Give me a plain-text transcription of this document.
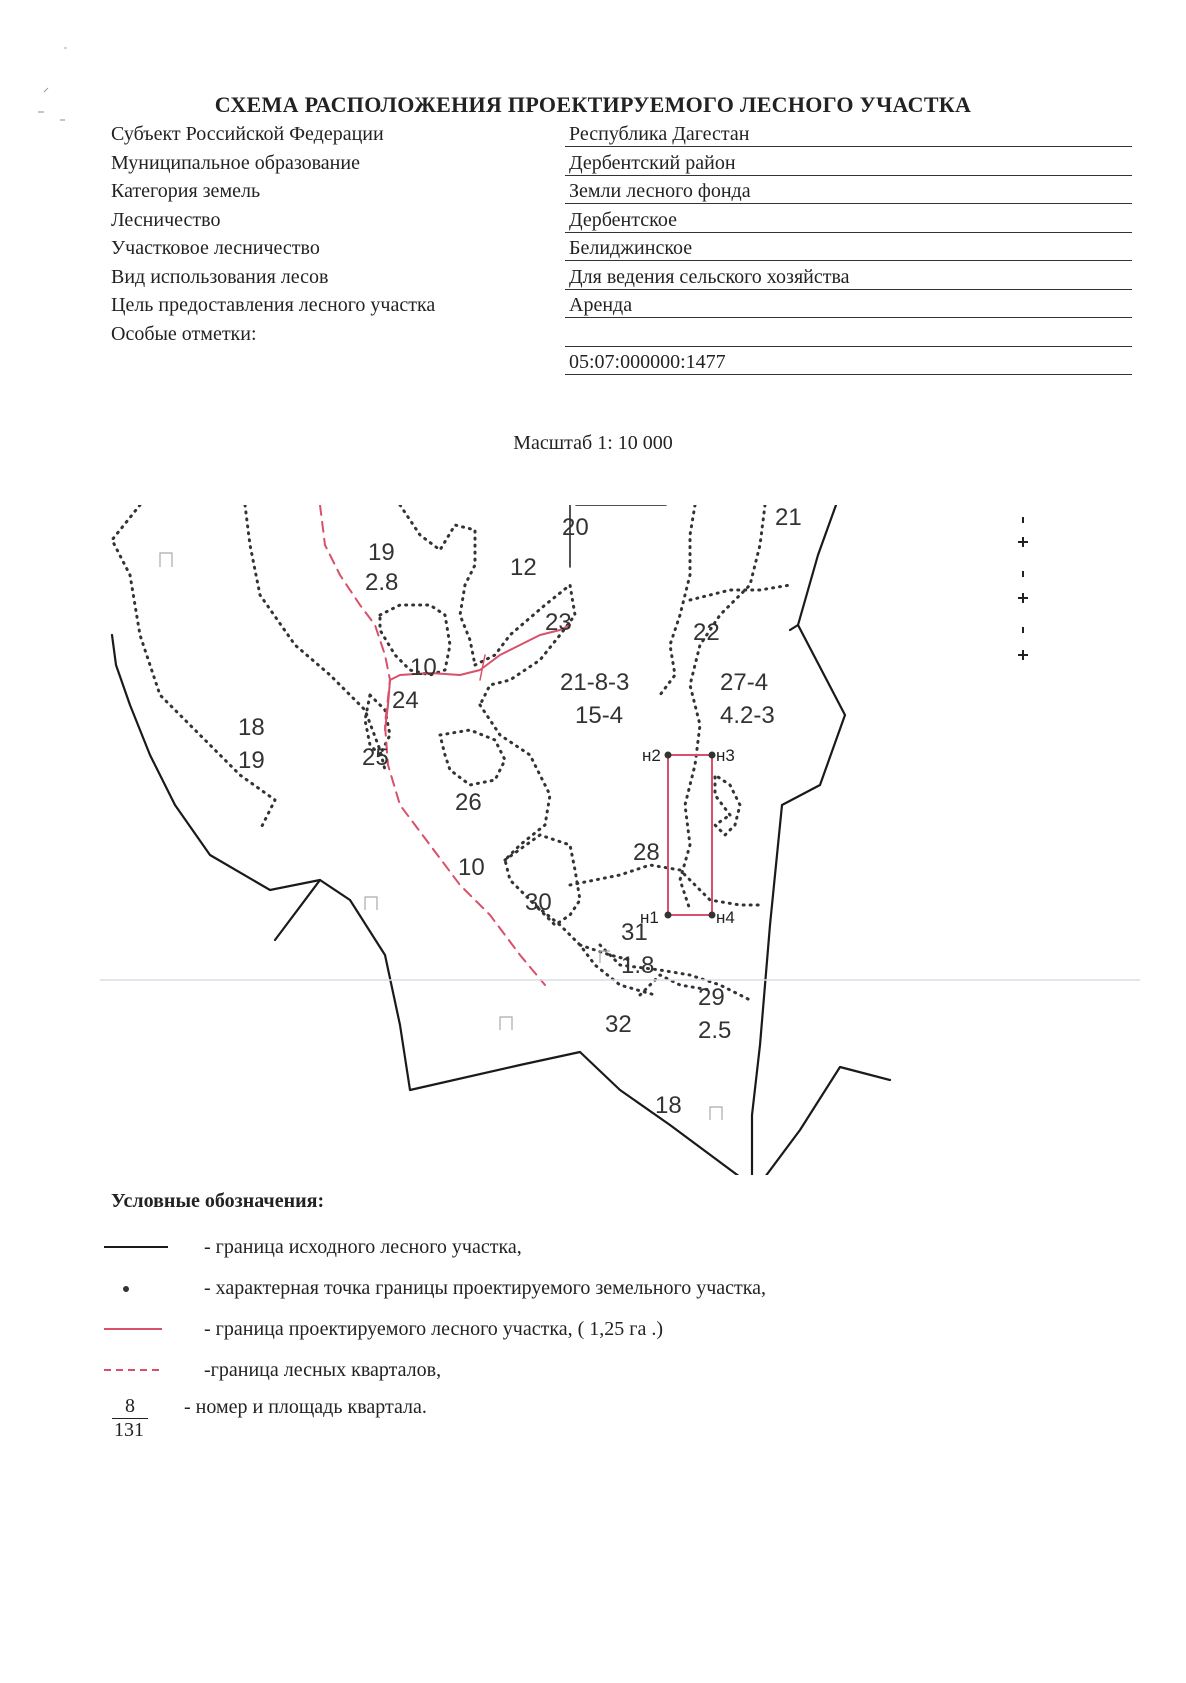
СХЕМА РАСПОЛОЖЕНИЯ ПРОЕКТИРУЕМОГО ЛЕСНОГО УЧАСТКА
Субъект Российской Федерации	Республика Дагестан
Муниципальное образование	Дербентский район
Категория земель	Земли лесного фонда
Лесничество	Дербентское
Участковое лесничество	Белиджинское
Вид использования лесов	Для ведения сельского хозяйства
Цель предоставления лесного участка	Аренда
Особые отметки:
05:07:000000:1477
Масштаб 1: 10 000
н1
н2	н3
н4
20	21
19
2.8
12
23	22
10
24
21-8-3
15-4
27-4
4.2-3
18
19	25
26
10
28
30
31
1.8
29
2.5
32
18
Условные обозначения:
- граница исходного лесного участка,
- характерная точка границы проектируемого земельного участка,
- граница проектируемого лесного участка, ( 1,25 га .)
-граница лесных кварталов,
$\frac{8}{131}$ - номер и площадь квартала.
